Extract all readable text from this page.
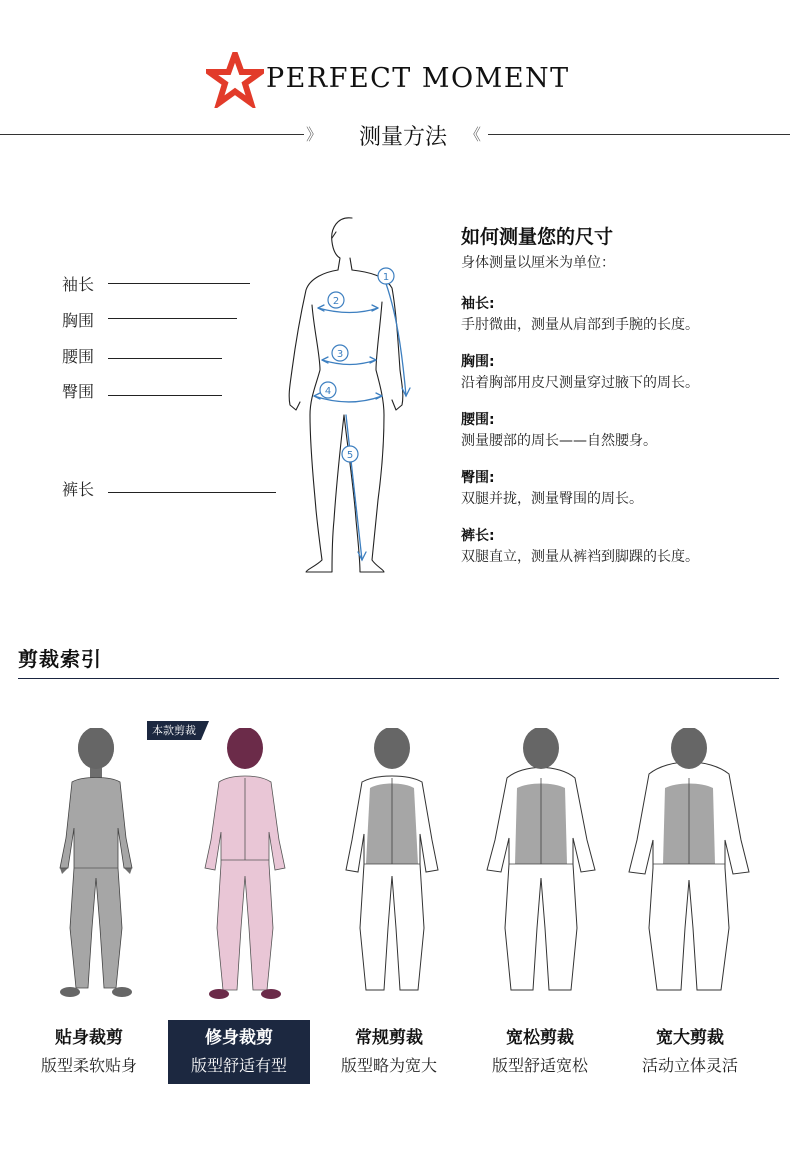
PERFECT MOMENT
》	测量方法	《
袖长
胸围
腰围
臀围
裤长
1
2
3
4
5
如何测量您的尺寸
身体测量以厘米为单位：
袖长:
手肘微曲，测量从肩部到手腕的长度。
胸围:
沿着胸部用皮尺测量穿过腋下的周长。
腰围:
测量腰部的周长——自然腰身。
臀围:
双腿并拢，测量臀围的周长。
裤长:
双腿直立，测量从裤裆到脚踝的长度。
剪裁索引
本款剪裁
贴身裁剪
版型柔软贴身
修身裁剪
版型舒适有型
常规剪裁
版型略为宽大
宽松剪裁
版型舒适宽松
宽大剪裁
活动立体灵活
